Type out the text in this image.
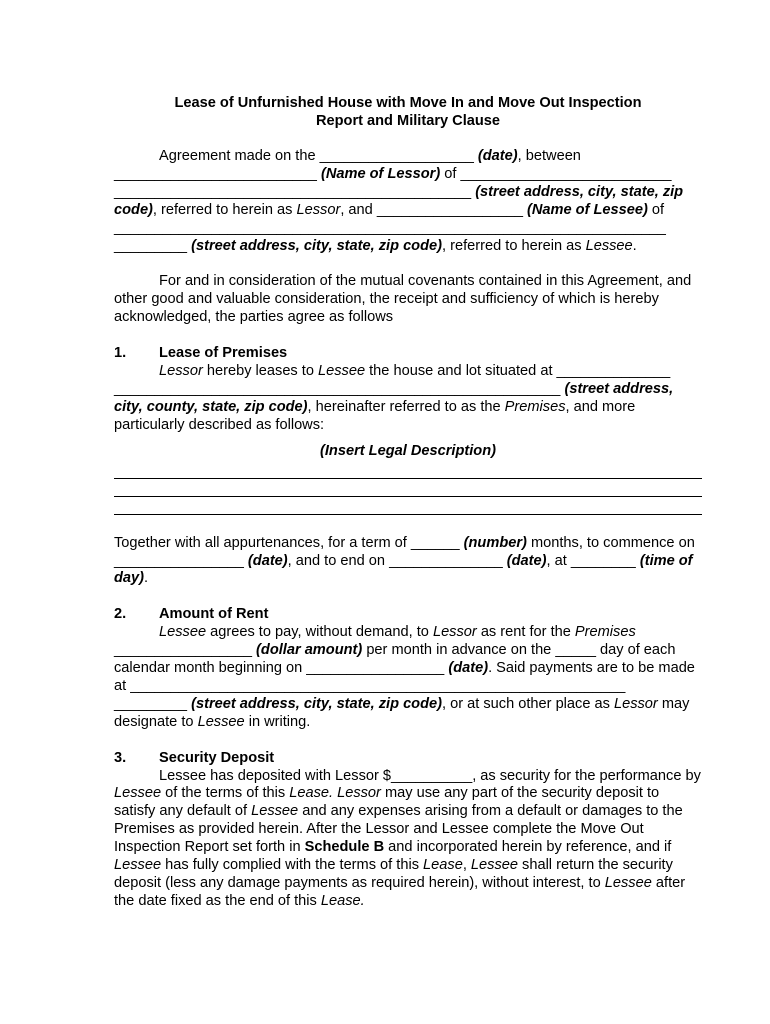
Lease of Unfurnished House with Move In and Move Out Inspection
Report and Military Clause

Agreement made on the ___________________ (date), between _________________________ (Name of Lessor) of __________________________ ____________________________________________ (street address, city, state, zip code), referred to herein as Lessor, and __________________ (Name of Lessee) of ____________________________________________________________________ _________ (street address, city, state, zip code), referred to herein as Lessee.

For and in consideration of the mutual covenants contained in this Agreement, and other good and valuable consideration, the receipt and sufficiency of which is hereby acknowledged, the parties agree as follows

1. Lease of Premises

Lessor hereby leases to Lessee the house and lot situated at ______________ _______________________________________________________ (street address, city, county, state, zip code), hereinafter referred to as the Premises, and more particularly described as follows:

(Insert Legal Description)

Together with all appurtenances, for a term of ______ (number) months, to commence on ________________ (date), and to end on ______________ (date), at ________ (time of day).

2. Amount of Rent

Lessee agrees to pay, without demand, to Lessor as rent for the Premises _________________ (dollar amount) per month in advance on the _____ day of each calendar month beginning on _________________ (date). Said payments are to be made at _____________________________________________________________ _________ (street address, city, state, zip code), or at such other place as Lessor may designate to Lessee in writing.

3. Security Deposit

Lessee has deposited with Lessor $__________, as security for the performance by Lessee of the terms of this Lease. Lessor may use any part of the security deposit to satisfy any default of Lessee and any expenses arising from a default or damages to the Premises as provided herein. After the Lessor and Lessee complete the Move Out Inspection Report set forth in Schedule B and incorporated herein by reference, and if Lessee has fully complied with the terms of this Lease, Lessee shall return the security deposit (less any damage payments as required herein), without interest, to Lessee after the date fixed as the end of this Lease.
